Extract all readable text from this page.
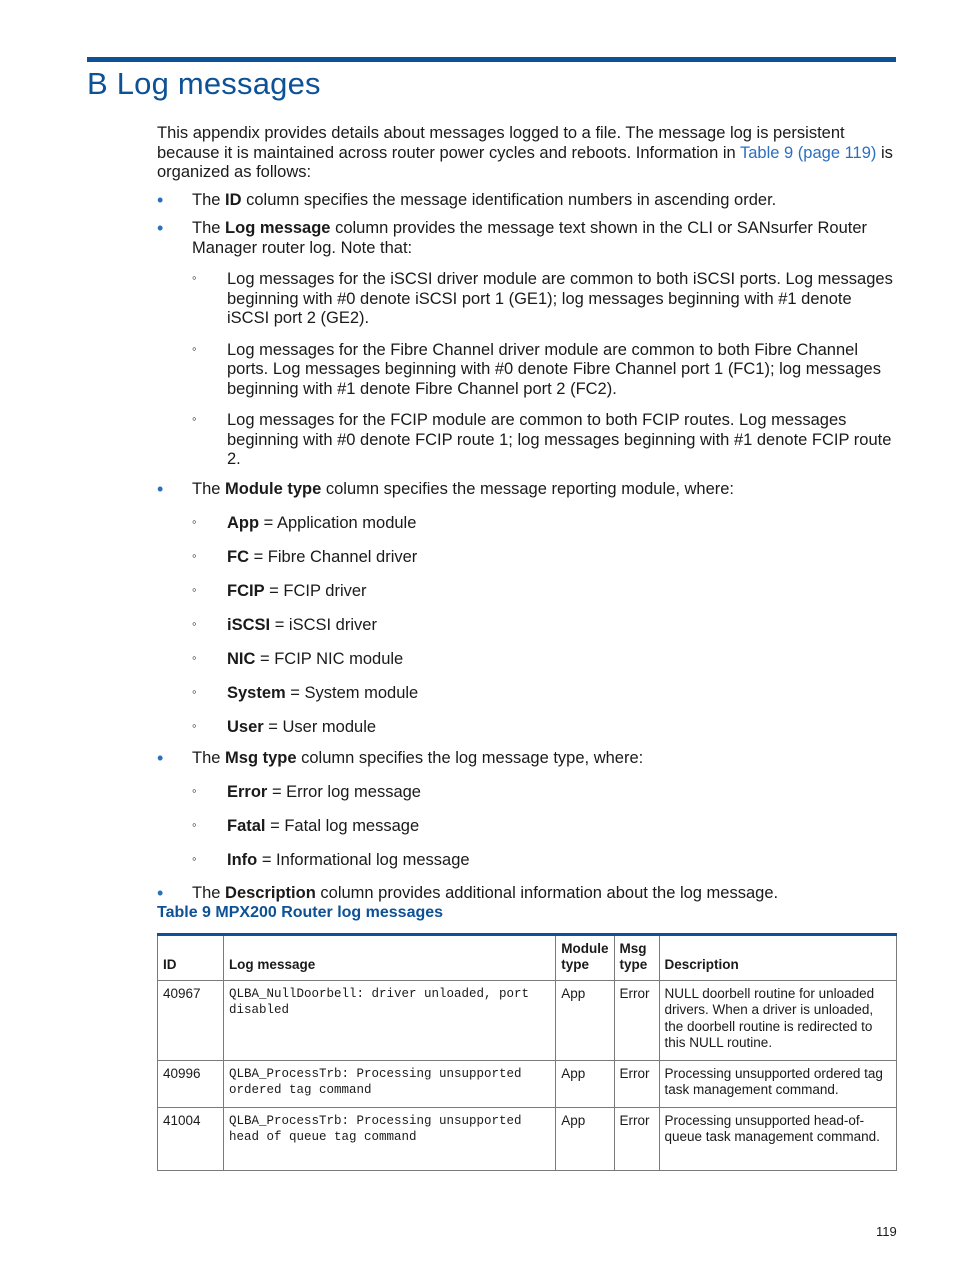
B Log messages

This appendix provides details about messages logged to a file. The message log is persistent because it is maintained across router power cycles and reboots. Information in Table 9 (page 119) is organized as follows:

• The ID column specifies the message identification numbers in ascending order.
• The Log message column provides the message text shown in the CLI or SANsurfer Router Manager router log. Note that:
◦ Log messages for the iSCSI driver module are common to both iSCSI ports. Log messages beginning with #0 denote iSCSI port 1 (GE1); log messages beginning with #1 denote iSCSI port 2 (GE2).
◦ Log messages for the Fibre Channel driver module are common to both Fibre Channel ports. Log messages beginning with #0 denote Fibre Channel port 1 (FC1); log messages beginning with #1 denote Fibre Channel port 2 (FC2).
◦ Log messages for the FCIP module are common to both FCIP routes. Log messages beginning with #0 denote FCIP route 1; log messages beginning with #1 denote FCIP route 2.
• The Module type column specifies the message reporting module, where:
◦ App = Application module
◦ FC = Fibre Channel driver
◦ FCIP = FCIP driver
◦ iSCSI = iSCSI driver
◦ NIC = FCIP NIC module
◦ System = System module
◦ User = User module
• The Msg type column specifies the log message type, where:
◦ Error = Error log message
◦ Fatal = Fatal log message
◦ Info = Informational log message
• The Description column provides additional information about the log message.

Table 9 MPX200 Router log messages

ID	Log message	Module type	Msg type	Description
40967	QLBA_NullDoorbell: driver unloaded, port disabled	App	Error	NULL doorbell routine for unloaded drivers. When a driver is unloaded, the doorbell routine is redirected to this NULL routine.
40996	QLBA_ProcessTrb: Processing unsupported ordered tag command	App	Error	Processing unsupported ordered tag task management command.
41004	QLBA_ProcessTrb: Processing unsupported head of queue tag command	App	Error	Processing unsupported head-of-queue task management command.
119
